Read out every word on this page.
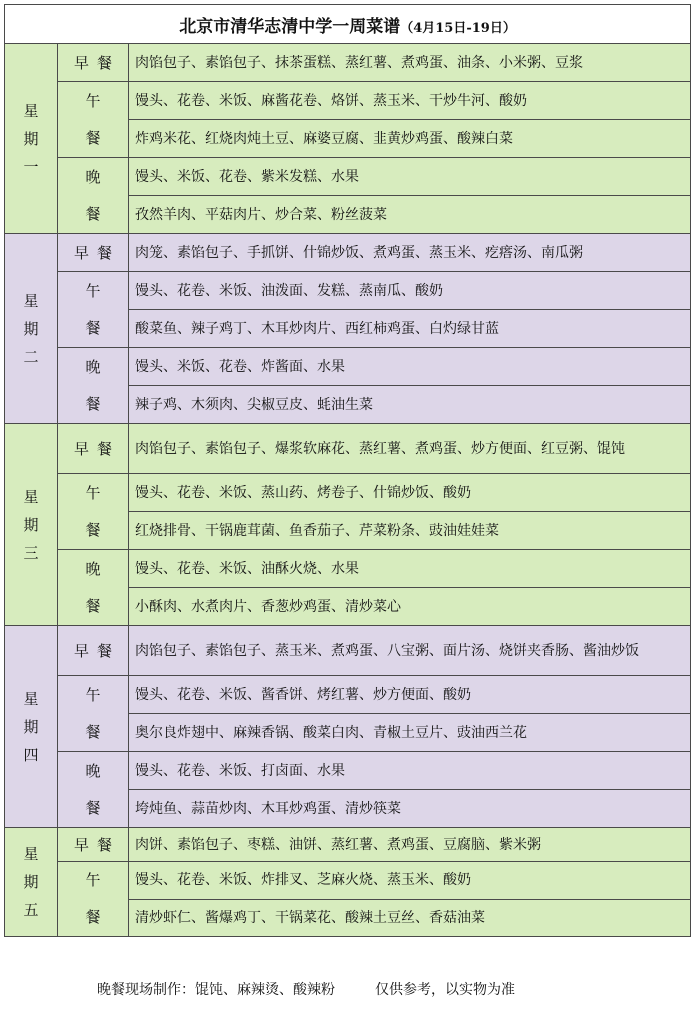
北京市清华志清中学一周菜谱（4月15日-19日）		

星
期
一	早餐	肉馅包子、素馅包子、抹茶蛋糕、蒸红薯、煮鸡蛋、油条、小米粥、豆浆

	午餐	馒头、花卷、米饭、麻酱花卷、烙饼、蒸玉米、干炒牛河、酸奶
		炸鸡米花、红烧肉炖土豆、麻婆豆腐、韭黄炒鸡蛋、酸辣白菜

	晚餐	馒头、米饭、花卷、紫米发糕、水果
		孜然羊肉、平菇肉片、炒合菜、粉丝菠菜

星
期
二	早餐	肉笼、素馅包子、手抓饼、什锦炒饭、煮鸡蛋、蒸玉米、疙瘩汤、南瓜粥

	午餐	馒头、花卷、米饭、油泼面、发糕、蒸南瓜、酸奶
		酸菜鱼、辣子鸡丁、木耳炒肉片、西红柿鸡蛋、白灼绿甘蓝

	晚餐	馒头、米饭、花卷、炸酱面、水果
		辣子鸡、木须肉、尖椒豆皮、蚝油生菜

星
期
三	早餐	肉馅包子、素馅包子、爆浆软麻花、蒸红薯、煮鸡蛋、炒方便面、红豆粥、馄饨

	午餐	馒头、花卷、米饭、蒸山药、烤卷子、什锦炒饭、酸奶
		红烧排骨、干锅鹿茸菌、鱼香茄子、芹菜粉条、豉油娃娃菜

	晚餐	馒头、花卷、米饭、油酥火烧、水果
		小酥肉、水煮肉片、香葱炒鸡蛋、清炒菜心

星
期
四	早餐	肉馅包子、素馅包子、蒸玉米、煮鸡蛋、八宝粥、面片汤、烧饼夹香肠、酱油炒饭

	午餐	馒头、花卷、米饭、酱香饼、烤红薯、炒方便面、酸奶
		奥尔良炸翅中、麻辣香锅、酸菜白肉、青椒土豆片、豉油西兰花

	晚餐	馒头、花卷、米饭、打卤面、水果
		垮炖鱼、蒜苗炒肉、木耳炒鸡蛋、清炒筷菜

星
期
五	早餐	肉饼、素馅包子、枣糕、油饼、蒸红薯、煮鸡蛋、豆腐脑、紫米粥

	午餐	馒头、花卷、米饭、炸排叉、芝麻火烧、蒸玉米、酸奶
		清炒虾仁、酱爆鸡丁、干锅菜花、酸辣土豆丝、香菇油菜
晚餐现场制作：馄饨、麻辣烫、酸辣粉	仅供参考，以实物为准
